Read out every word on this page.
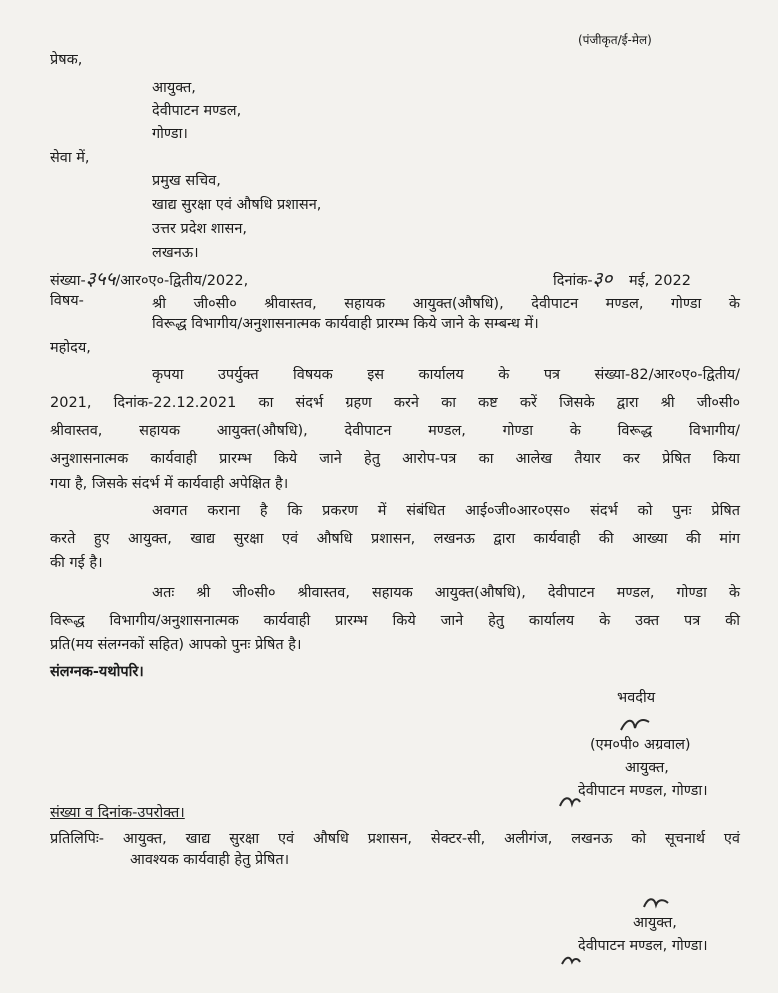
(पंजीकृत/ई-मेल)
प्रेषक,
आयुक्त,
देवीपाटन मण्डल,
गोण्डा।
सेवा में,
प्रमुख सचिव,
खाद्य सुरक्षा एवं औषधि प्रशासन,
उत्तर प्रदेश शासन,
लखनऊ।
संख्या-३५५/आर०ए०-द्वितीय/2022,	दिनांक-३० मई, 2022
विषय-	श्री जी०सी० श्रीवास्तव, सहायक आयुक्त(औषधि), देवीपाटन मण्डल, गोण्डा के
विरूद्ध विभागीय/अनुशासनात्मक कार्यवाही प्रारम्भ किये जाने के सम्बन्ध में।
महोदय,
कृपया उपर्युक्त विषयक इस कार्यालय के पत्र संख्या-82/आर०ए०-द्वितीय/
2021, दिनांक-22.12.2021 का संदर्भ ग्रहण करने का कष्ट करें जिसके द्वारा श्री जी०सी०
श्रीवास्तव, सहायक आयुक्त(औषधि), देवीपाटन मण्डल, गोण्डा के विरूद्ध विभागीय/
अनुशासनात्मक कार्यवाही प्रारम्भ किये जाने हेतु आरोप-पत्र का आलेख तैयार कर प्रेषित किया
गया है, जिसके संदर्भ में कार्यवाही अपेक्षित है।
अवगत कराना है कि प्रकरण में संबंधित आई०जी०आर०एस० संदर्भ को पुनः प्रेषित
करते हुए आयुक्त, खाद्य सुरक्षा एवं औषधि प्रशासन, लखनऊ द्वारा कार्यवाही की आख्या की मांग
की गई है।
अतः श्री जी०सी० श्रीवास्तव, सहायक आयुक्त(औषधि), देवीपाटन मण्डल, गोण्डा के
विरूद्ध विभागीय/अनुशासनात्मक कार्यवाही प्रारम्भ किये जाने हेतु कार्यालय के उक्त पत्र की
प्रति(मय संलग्नकों सहित) आपको पुनः प्रेषित है।
संलग्नक-यथोपरि।
भवदीय
(एम०पी० अग्रवाल)
आयुक्त,
देवीपाटन मण्डल, गोण्डा।
संख्या व दिनांक-उपरोक्त।
प्रतिलिपिः- आयुक्त, खाद्य सुरक्षा एवं औषधि प्रशासन, सेक्टर-सी, अलीगंज, लखनऊ को सूचनार्थ एवं
आवश्यक कार्यवाही हेतु प्रेषित।
आयुक्त,
देवीपाटन मण्डल, गोण्डा।
